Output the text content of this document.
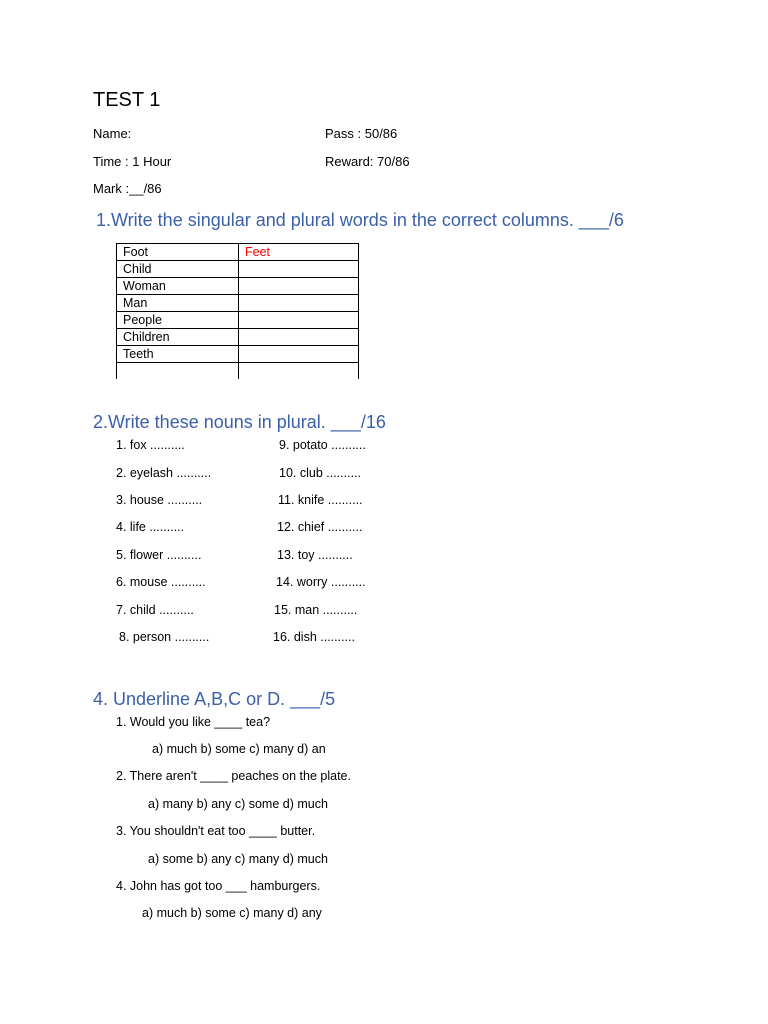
TEST 1
Name:	Pass : 50/86
Time : 1 Hour	Reward: 70/86
Mark :__/86
1.Write the singular and plural words in the correct columns. ___/6
Foot	Feet
Child	
Woman	
Man	
People	
Children	
Teeth	

2.Write these nouns in plural. ___/16
1. fox ..........
2. eyelash ..........
3. house ..........
4. life ..........
5. flower ..........
6. mouse ..........
7. child ..........
8. person ..........
9. potato ..........
10. club ..........
11. knife ..........
12. chief ..........
13. toy ..........
14. worry ..........
15. man ..........
16. dish ..........
4. Underline A,B,C or D. ___/5
1. Would you like ____ tea?
a) much b) some c) many d) an
2. There aren't ____ peaches on the plate.
a) many b) any c) some d) much
3. You shouldn't eat too ____ butter.
a) some b) any c) many d) much
4. John has got too ___ hamburgers.
a) much b) some c) many d) any
